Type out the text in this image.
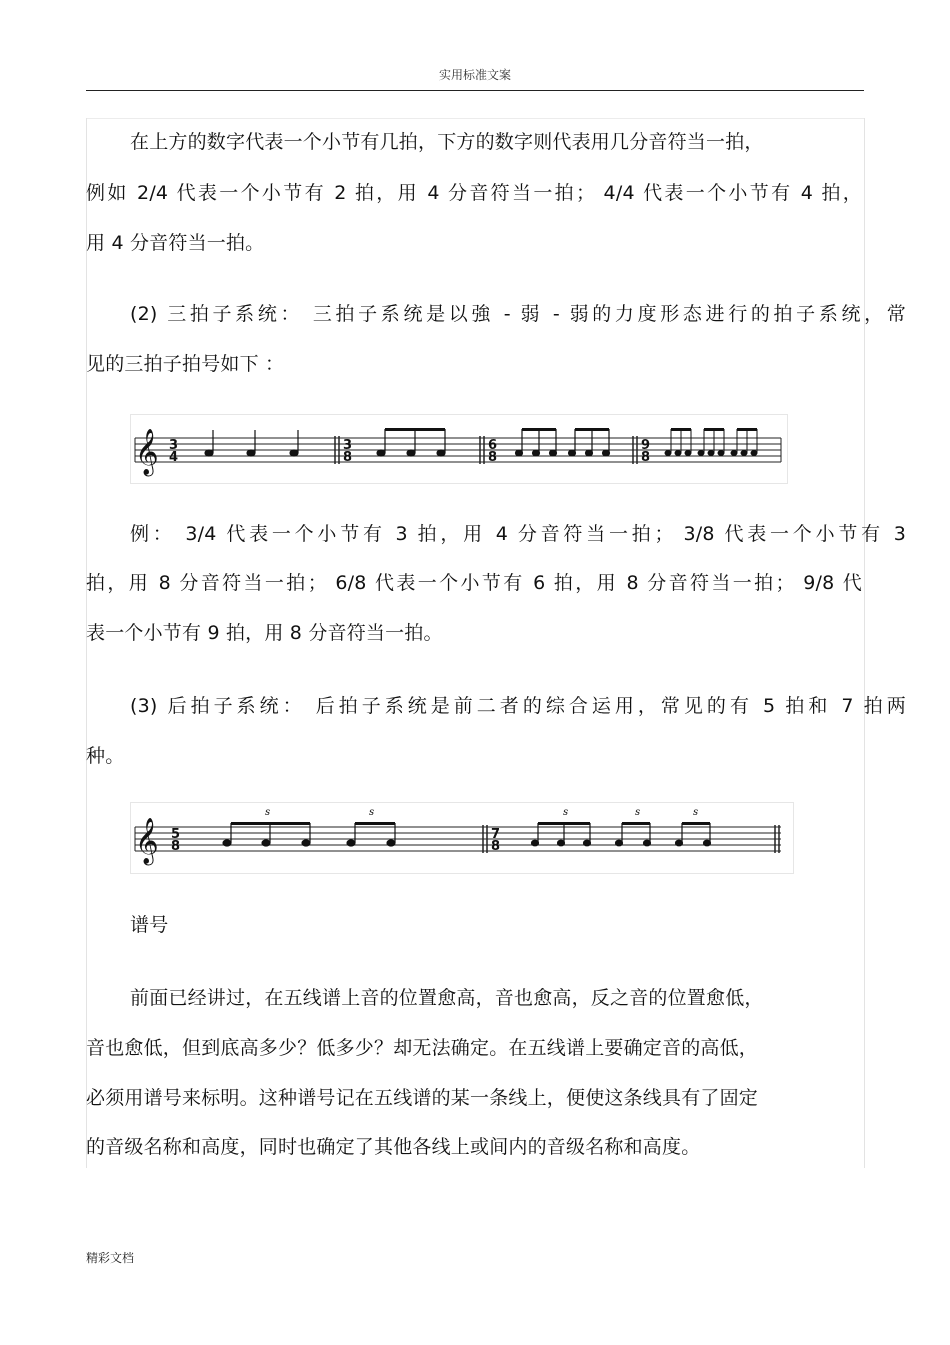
实用标准文案
在上方的数字代表一个小节有几拍，下方的数字则代表用几分音符当一拍，
例如 2/4 代表一个小节有 2 拍，用 4 分音符当一拍； 4/4 代表一个小节有 4 拍，
用 4 分音符当一拍。
(2) 三拍子系统： 三拍子系统是以強 - 弱 - 弱的力度形态进行的拍子系统，常
见的三拍子拍号如下 ：
𝄞 3
4
3
8
6
8
9
8
例： 3/4 代表一个小节有 3 拍，用 4 分音符当一拍； 3/8 代表一个小节有 3
拍，用 8 分音符当一拍； 6/8 代表一个小节有 6 拍，用 8 分音符当一拍； 9/8 代
表一个小节有 9 拍，用 8 分音符当一拍。
(3) 后拍子系统： 后拍子系统是前二者的综合运用，常见的有 5 拍和 7 拍两
种。
𝄞 5
8
7
8
s	s	s	s	s
谱号
前面已经讲过，在五线谱上音的位置愈高，音也愈高，反之音的位置愈低，
音也愈低，但到底高多少？低多少？却无法确定。在五线谱上要确定音的高低，
必须用谱号来标明。这种谱号记在五线谱的某一条线上，便使这条线具有了固定
的音级名称和高度，同时也确定了其他各线上或间内的音级名称和高度。
精彩文档
